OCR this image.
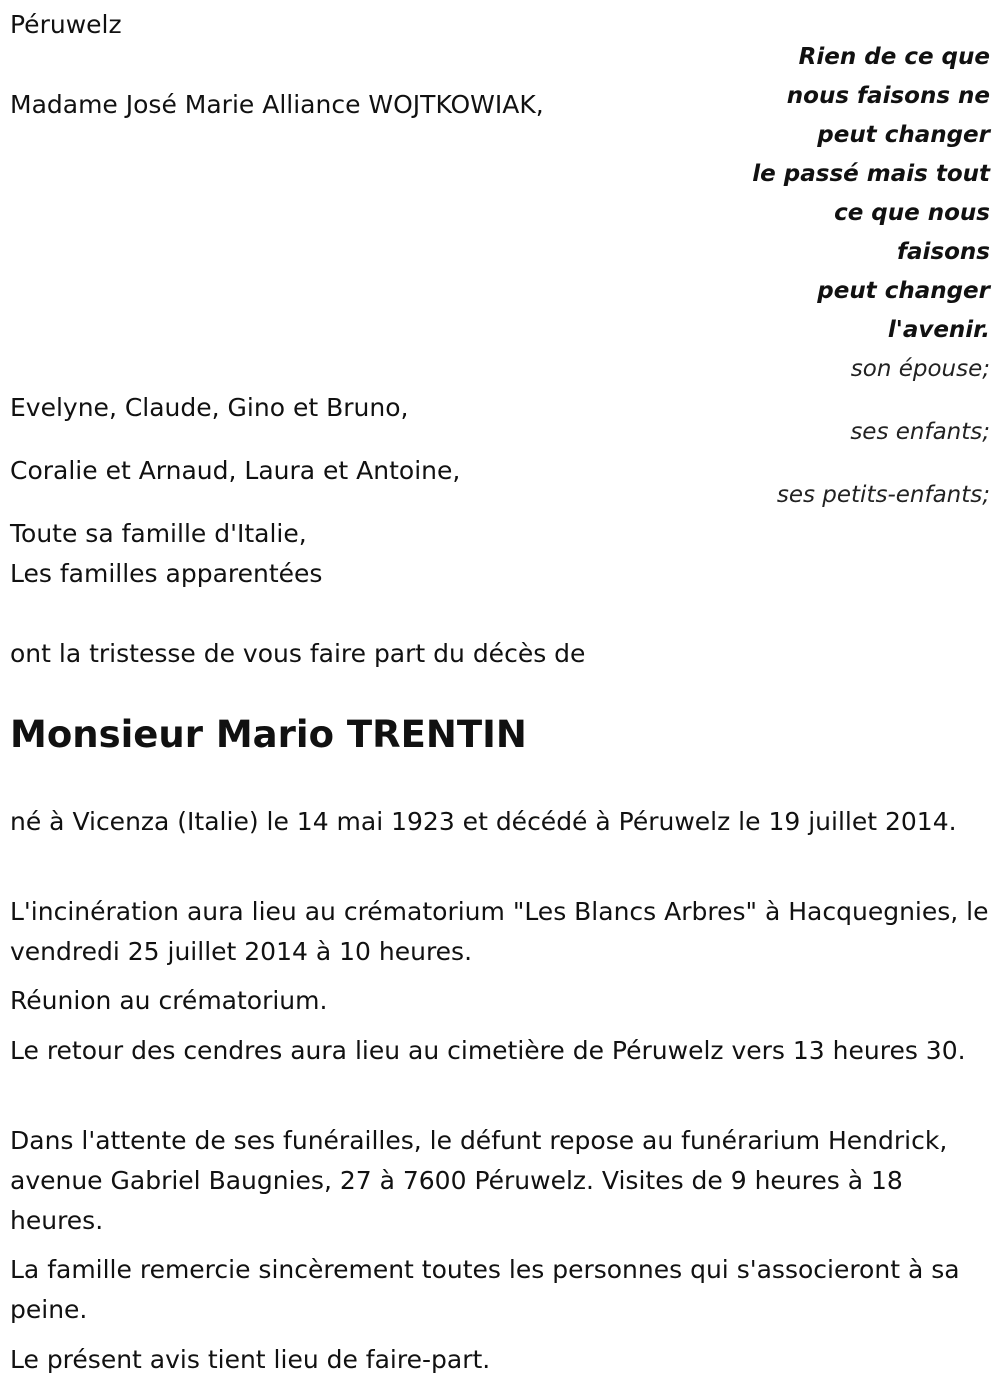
Péruwelz

Madame José Marie Alliance WOJTKOWIAK,

Rien de ce que
nous faisons ne
peut changer
le passé mais tout
ce que nous
faisons
peut changer
l'avenir.
son épouse;
ses enfants;
ses petits-enfants;

Evelyne, Claude, Gino et Bruno,

Coralie et Arnaud, Laura et Antoine,

Toute sa famille d'Italie,

Les familles apparentées

ont la tristesse de vous faire part du décès de

Monsieur Mario TRENTIN

né à Vicenza (Italie) le 14 mai 1923 et décédé à Péruwelz le 19 juillet 2014.

L'incinération aura lieu au crématorium "Les Blancs Arbres" à Hacquegnies, le vendredi 25 juillet 2014 à 10 heures.

Réunion au crématorium.

Le retour des cendres aura lieu au cimetière de Péruwelz vers 13 heures 30.

Dans l'attente de ses funérailles, le défunt repose au funérarium Hendrick, avenue Gabriel Baugnies, 27 à 7600 Péruwelz. Visites de 9 heures à 18 heures.

La famille remercie sincèrement toutes les personnes qui s'associeront à sa peine.

Le présent avis tient lieu de faire-part.
